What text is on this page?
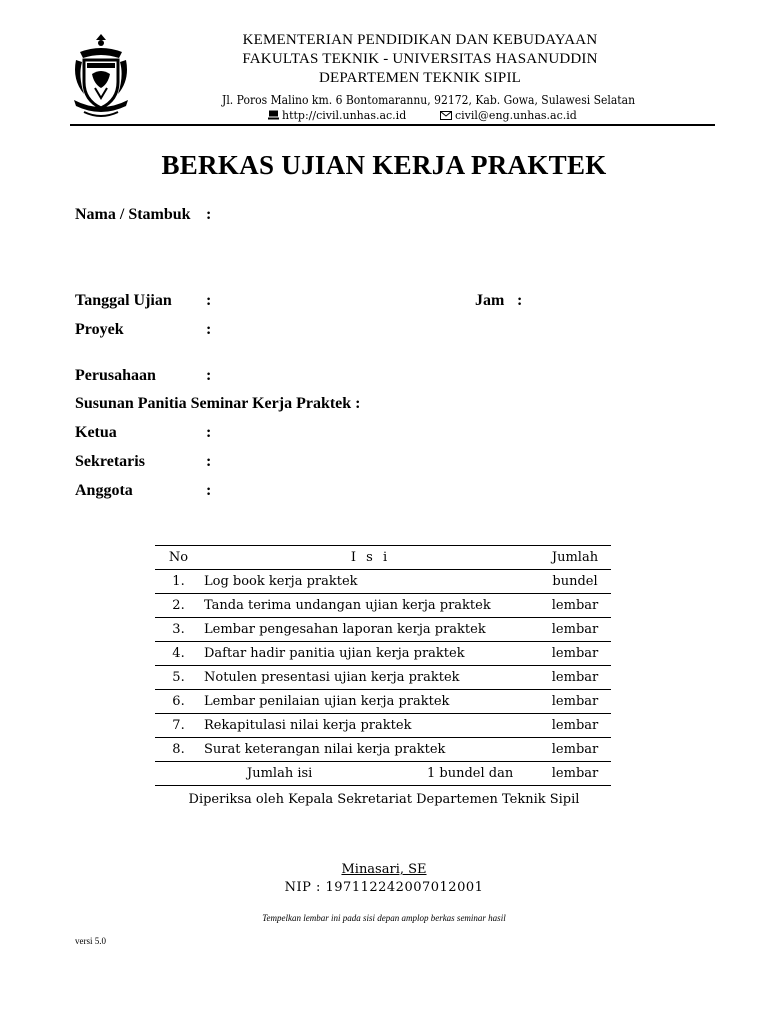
KEMENTERIAN PENDIDIKAN DAN KEBUDAYAAN
FAKULTAS TEKNIK - UNIVERSITAS HASANUDDIN
DEPARTEMEN TEKNIK SIPIL
Jl. Poros Malino km. 6 Bontomarannu, 92172, Kab. Gowa, Sulawesi Selatan
http://civil.unhas.ac.id	civil@eng.unhas.ac.id
BERKAS UJIAN KERJA PRAKTEK
Nama / Stambuk :
Tanggal Ujian :	Jam :
Proyek	:
Perusahaan	:
Susunan Panitia Seminar Kerja Praktek :
Ketua	:
Sekretaris	:
Anggota	:
No	I s i	Jumlah
1.	Log book kerja praktek	bundel
2.	Tanda terima undangan ujian kerja praktek	lembar
3.	Lembar pengesahan laporan kerja praktek	lembar
4.	Daftar hadir panitia ujian kerja praktek	lembar
5.	Notulen presentasi ujian kerja praktek	lembar
6.	Lembar penilaian ujian kerja praktek	lembar
7.	Rekapitulasi nilai kerja praktek	lembar
8.	Surat keterangan nilai kerja praktek	lembar

Jumlah isi 1 bundel dan		lembar
Diperiksa oleh Kepala Sekretariat Departemen Teknik Sipil
Minasari, SE
NIP : 197112242007012001
Tempelkan lembar ini pada sisi depan amplop berkas seminar hasil
versi 5.0
